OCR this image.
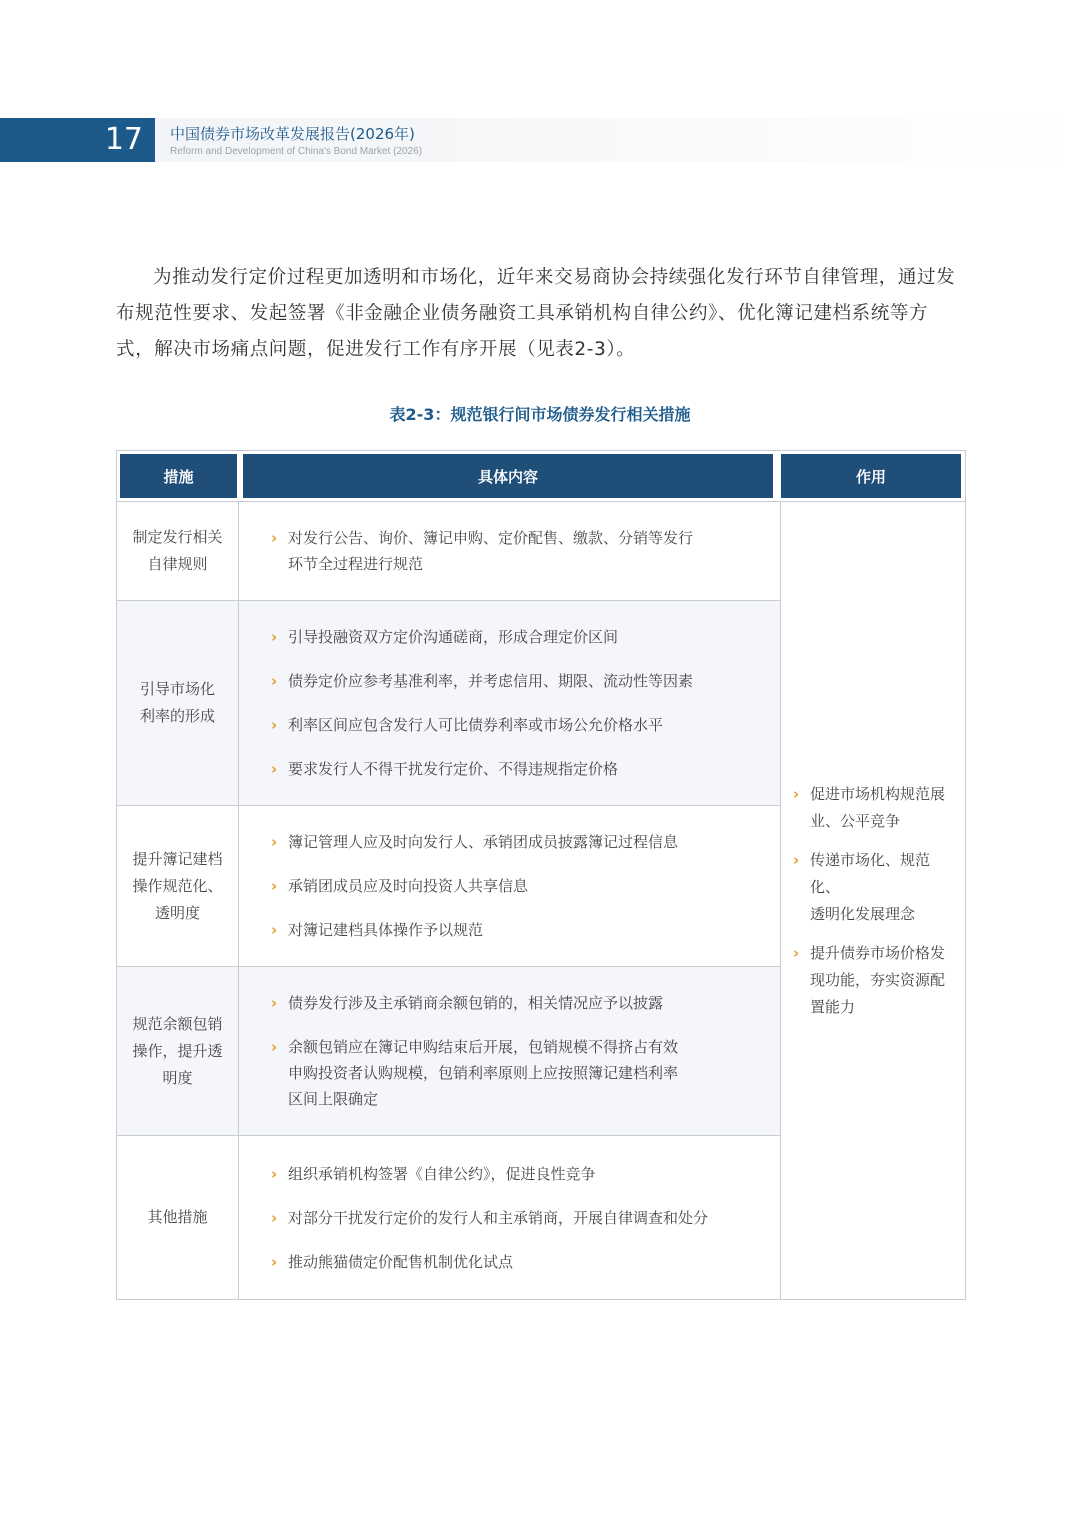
17 中国债券市场改革发展报告(2026年)
Reform and Development of China's Bond Market (2026)
为推动发行定价过程更加透明和市场化，近年来交易商协会持续强化发行环节自律管理，通过发布规范性要求、发起签署《非金融企业债务融资工具承销机构自律公约》、优化簿记建档系统等方式，解决市场痛点问题，促进发行工作有序开展（见表2-3）。
表2-3：规范银行间市场债券发行相关措施
措施	具体内容	作用
制定发行相关
自律规则
› 对发行公告、询价、簿记申购、定价配售、缴款、分销等发行
环节全过程进行规范
引导市场化
利率的形成
› 引导投融资双方定价沟通磋商，形成合理定价区间
› 债券定价应参考基准利率，并考虑信用、期限、流动性等因素
› 利率区间应包含发行人可比债券利率或市场公允价格水平
› 要求发行人不得干扰发行定价、不得违规指定价格
提升簿记建档
操作规范化、
透明度
› 簿记管理人应及时向发行人、承销团成员披露簿记过程信息
› 承销团成员应及时向投资人共享信息
› 对簿记建档具体操作予以规范
规范余额包销
操作，提升透
明度
› 债券发行涉及主承销商余额包销的，相关情况应予以披露
› 余额包销应在簿记申购结束后开展，包销规模不得挤占有效
申购投资者认购规模，包销利率原则上应按照簿记建档利率
区间上限确定
其他措施
› 组织承销机构签署《自律公约》，促进良性竞争
› 对部分干扰发行定价的发行人和主承销商，开展自律调查和处分
› 推动熊猫债定价配售机制优化试点
› 促进市场机构规范展
业、公平竞争
› 传递市场化、规范化、
透明化发展理念
› 提升债券市场价格发
现功能，夯实资源配
置能力
